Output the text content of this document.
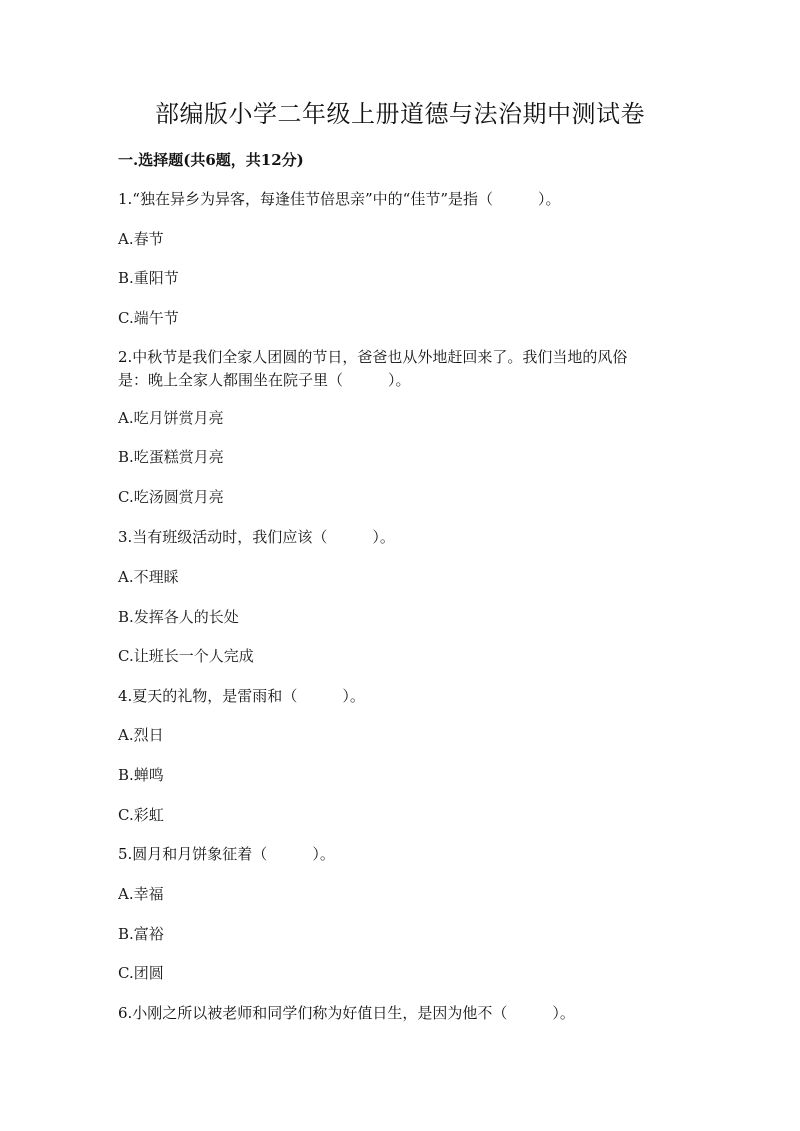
部编版小学二年级上册道德与法治期中测试卷
一.选择题(共6题，共12分)
1.“独在异乡为异客，每逢佳节倍思亲”中的“佳节”是指（　　　）。
A.春节
B.重阳节
C.端午节
2.中秋节是我们全家人团圆的节日，爸爸也从外地赶回来了。我们当地的风俗
是：晚上全家人都围坐在院子里（　　　）。
A.吃月饼赏月亮
B.吃蛋糕赏月亮
C.吃汤圆赏月亮
3.当有班级活动时，我们应该（　　　）。
A.不理睬
B.发挥各人的长处
C.让班长一个人完成
4.夏天的礼物，是雷雨和（　　　）。
A.烈日
B.蝉鸣
C.彩虹
5.圆月和月饼象征着（　　　）。
A.幸福
B.富裕
C.团圆
6.小刚之所以被老师和同学们称为好值日生，是因为他不（　　　）。
